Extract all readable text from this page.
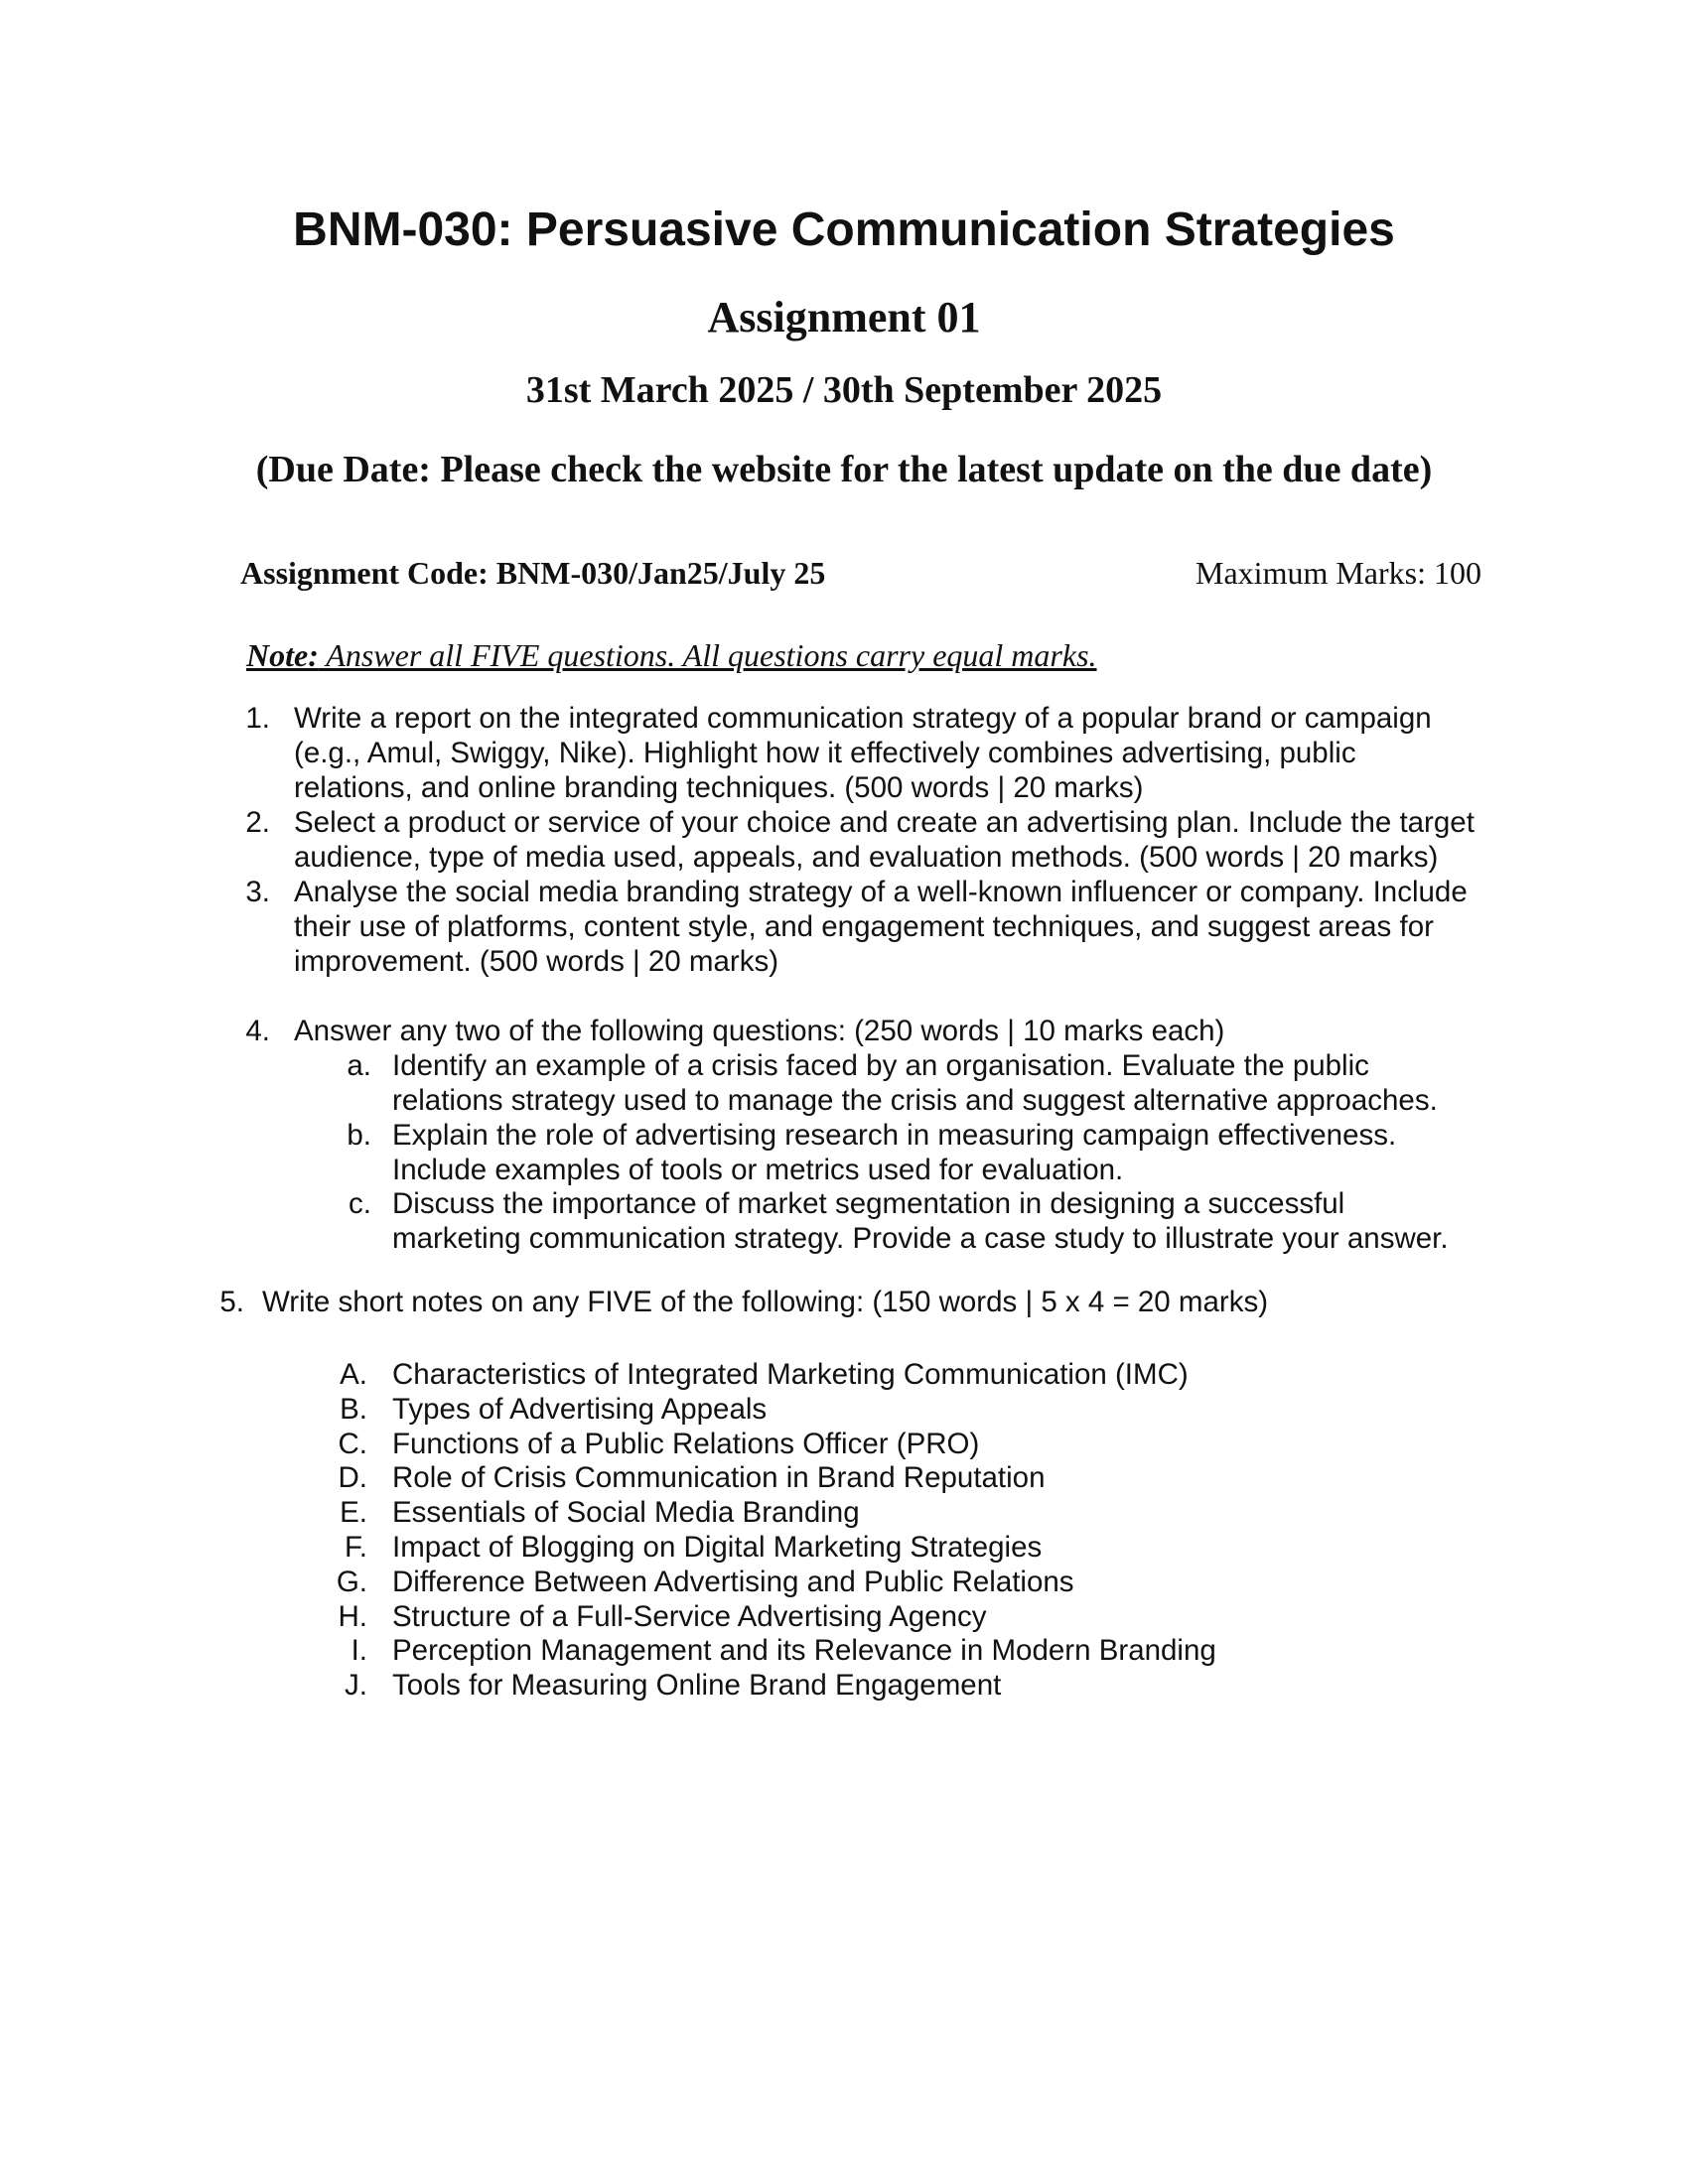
BNM-030: Persuasive Communication Strategies
Assignment 01
31st March 2025 / 30th September 2025
(Due Date: Please check the website for the latest update on the due date)
Assignment Code: BNM-030/Jan25/July 25	Maximum Marks: 100
Note: Answer all FIVE questions. All questions carry equal marks.
1. Write a report on the integrated communication strategy of a popular brand or campaign
(e.g., Amul, Swiggy, Nike). Highlight how it effectively combines advertising, public
relations, and online branding techniques. (500 words | 20 marks)
2. Select a product or service of your choice and create an advertising plan. Include the target
audience, type of media used, appeals, and evaluation methods. (500 words | 20 marks)
3. Analyse the social media branding strategy of a well-known influencer or company. Include
their use of platforms, content style, and engagement techniques, and suggest areas for
improvement. (500 words | 20 marks)
4. Answer any two of the following questions: (250 words | 10 marks each)
a. Identify an example of a crisis faced by an organisation. Evaluate the public
relations strategy used to manage the crisis and suggest alternative approaches.
b. Explain the role of advertising research in measuring campaign effectiveness.
Include examples of tools or metrics used for evaluation.
c. Discuss the importance of market segmentation in designing a successful
marketing communication strategy. Provide a case study to illustrate your answer.
5. Write short notes on any FIVE of the following: (150 words | 5 x 4 = 20 marks)
A. Characteristics of Integrated Marketing Communication (IMC)
B. Types of Advertising Appeals
C. Functions of a Public Relations Officer (PRO)
D. Role of Crisis Communication in Brand Reputation
E. Essentials of Social Media Branding
F. Impact of Blogging on Digital Marketing Strategies
G. Difference Between Advertising and Public Relations
H. Structure of a Full-Service Advertising Agency
I. Perception Management and its Relevance in Modern Branding
J. Tools for Measuring Online Brand Engagement
